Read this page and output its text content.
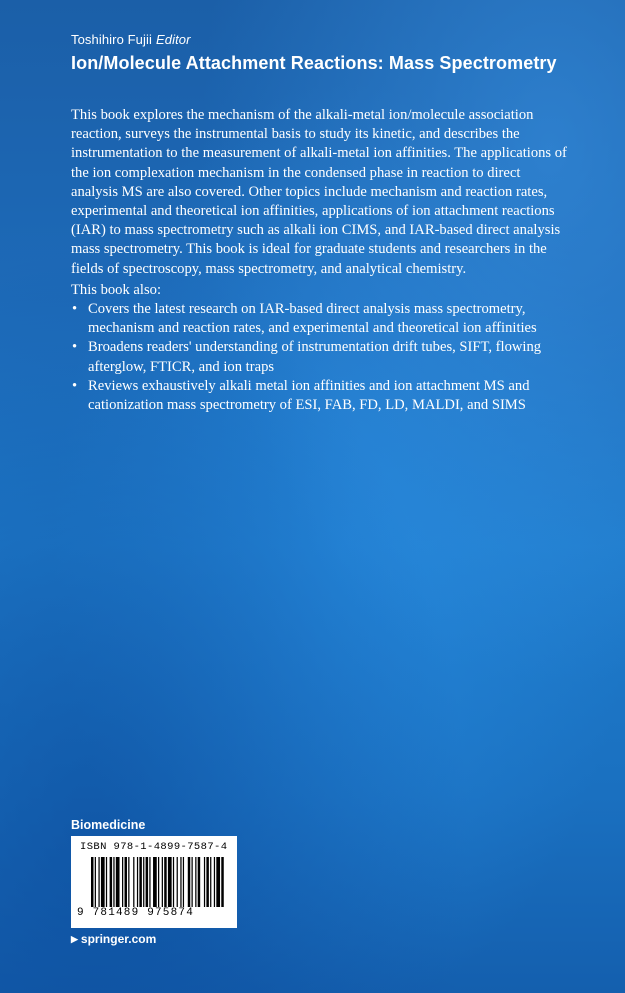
Toshihiro Fujii Editor
Ion/Molecule Attachment Reactions: Mass Spectrometry

This book explores the mechanism of the alkali-metal ion/molecule association reaction, surveys the instrumental basis to study its kinetic, and describes the instrumentation to the measurement of alkali-metal ion affinities. The applications of the ion complexation mechanism in the condensed phase in reaction to direct analysis MS are also covered. Other topics include mechanism and reaction rates, experimental and theoretical ion affinities, applications of ion attachment reactions (IAR) to mass spectrometry such as alkali ion CIMS, and IAR-based direct analysis mass spectrometry. This book is ideal for graduate students and researchers in the fields of spectroscopy, mass spectrometry, and analytical chemistry.

This book also:

• Covers the latest research on IAR-based direct analysis mass spectrometry, mechanism and reaction rates, and experimental and theoretical ion affinities
• Broadens readers' understanding of instrumentation drift tubes, SIFT, flowing afterglow, FTICR, and ion traps
• Reviews exhaustively alkali metal ion affinities and ion attachment MS and cationization mass spectrometry of ESI, FAB, FD, LD, MALDI, and SIMS
Biomedicine
ISBN 978-1-4899-7587-4
9 781489 975874
▶ springer.com
